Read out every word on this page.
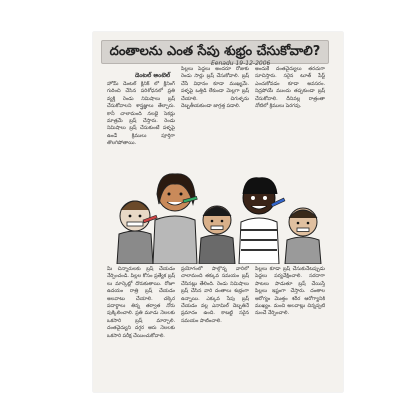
దంతాలను ఎంత సేపు శుభ్రం చేసుకోవాలి?
Eenadu 19-12-2006
డెంటల్ అంటెల్

హోమ్ డెంటల్ క్లినిక్ లో క్లీనింగ్ గురించి చేసిన పరిశోధనలో ప్రతి వ్యక్తి రెండు నిమిషాలు బ్రష్ చేసుకోవాలని శాస్త్రజ్ఞులు తేల్చారు. కానీ చాలామంది నలభై సెకన్లు మాత్రమే బ్రష్ చేస్తారు. రెండు నిమిషాలు బ్రష్ చేసుకుంటే పళ్ళపై ఉండే క్రిములు పూర్తిగా తొలగిపోతాయి.

పిల్లలు పెద్దలు అందరూ రోజుకు రెండు సార్లు బ్రష్ చేసుకోవాలి. బ్రష్ చేసే విధానం కూడా ముఖ్యమే. పళ్ళపై ఒత్తిడి లేకుండా మెల్లగా బ్రష్ చేయాలి. చిగుళ్ళను దెబ్బతీయకుండా జాగ్రత్త పడాలి.

అందుకే దంతవైద్యులు తరచుగా సూచిస్తారు. సరైన టూత్ పేస్ట్ ఎంచుకోవడం కూడా అవసరం. నిద్రపోయే ముందు తప్పకుండా బ్రష్ చేసుకోవాలి. దీనివల్ల రాత్రంతా నోటిలో క్రిములు పెరగవు.

మీ చిన్నారులకు బ్రష్ చేయడం నేర్పించండి. పిల్లల కోసం ప్రత్యేక బ్రష్ లు మార్కెట్లో దొరుకుతాయి. రోజూ ఉదయం రాత్రి బ్రష్ చేయడం అలవాటు చేయాలి. చక్కెర పదార్థాలు తిన్న తర్వాత నోరు పుక్కిలించాలి. ప్రతి మూడు నెలలకు ఒకసారి బ్రష్ మార్చాలి. దంతవైద్యుని దగ్గర ఆరు నెలలకు ఒకసారి పరీక్ష చేయించుకోవాలి.

ప్రయోగంలో పాల్గొన్న వారిలో చాలామంది తక్కువ సమయం బ్రష్ చేసినట్లు తేలింది. రెండు నిమిషాలు బ్రష్ చేసిన వారి దంతాలు శుభ్రంగా ఉన్నాయి. ఎక్కువ సేపు బ్రష్ చేయడం వల్ల ఎనామిల్ దెబ్బతినే ప్రమాదం ఉంది. కాబట్టి సరైన సమయం పాటించాలి.

పిల్లలు కూడా బ్రష్ చేసుకునేటప్పుడు పెద్దలు పర్యవేక్షించాలి. సరదాగా పాటలు పాడుతూ బ్రష్ చేయిస్తే పిల్లలు ఇష్టంగా చేస్తారు. దంతాల ఆరోగ్యం మొత్తం శరీర ఆరోగ్యానికి ముఖ్యం. మంచి అలవాట్లు చిన్నప్పటి నుంచే నేర్పించాలి.
